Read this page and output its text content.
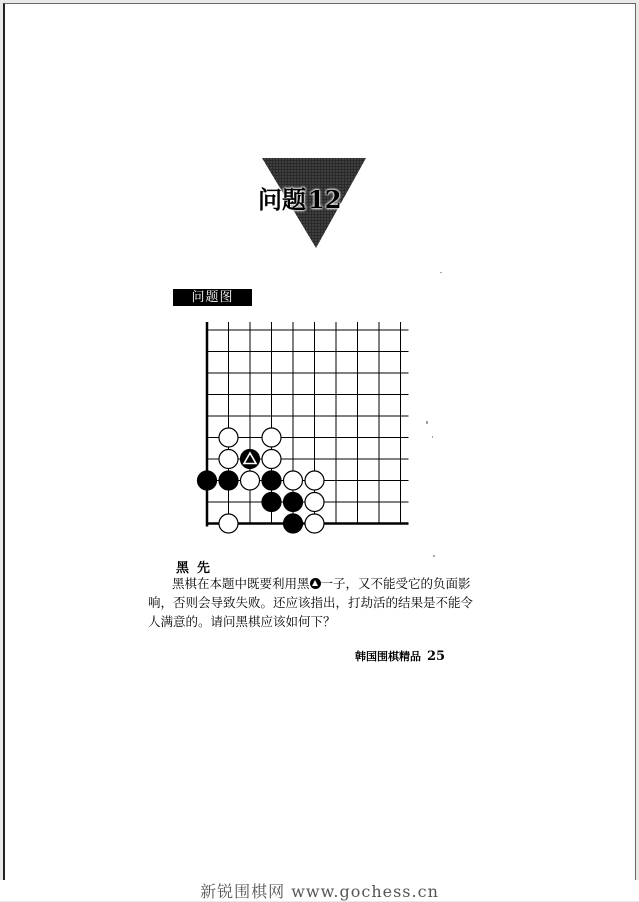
问题12
问题图
黑先
黑棋在本题中既要利用黑 一子，又不能受它的负面影响，否则会导致失败。还应该指出，打劫活的结果是不能令人满意的。请问黑棋应该如何下？
韩国围棋精品 25
新锐围棋网 www.gochess.cn
